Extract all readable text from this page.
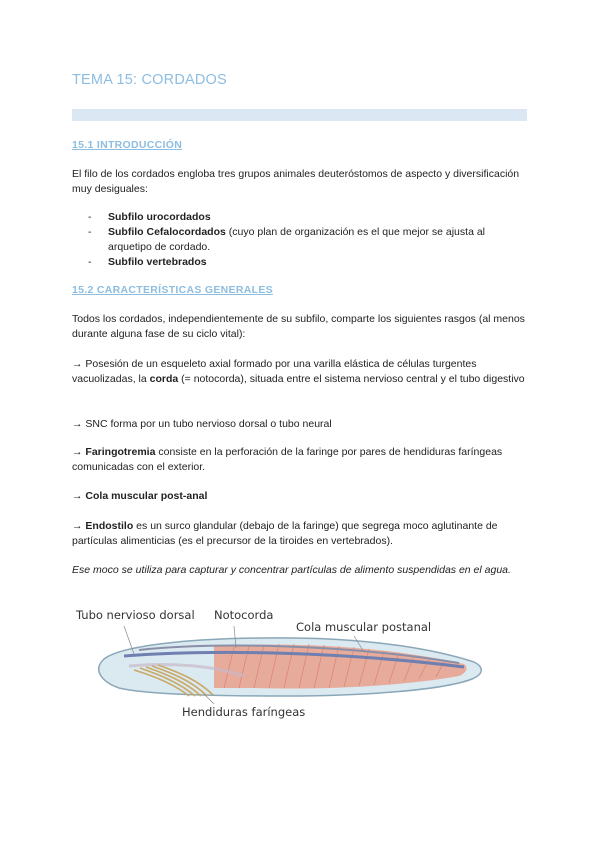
TEMA 15: CORDADOS
15.1 INTRODUCCIÓN
El filo de los cordados engloba tres grupos animales deuteróstomos de aspecto y diversificación muy desiguales:
- Subfilo urocordados
- Subfilo Cefalocordados (cuyo plan de organización es el que mejor se ajusta al arquetipo de cordado.
- Subfilo vertebrados
15.2 CARACTERÍSTICAS GENERALES
Todos los cordados, independientemente de su subfilo, comparte los siguientes rasgos (al menos durante alguna fase de su ciclo vital):
→ Posesión de un esqueleto axial formado por una varilla elástica de células turgentes vacuolizadas, la corda (= notocorda), situada entre el sistema nervioso central y el tubo digestivo
→ SNC forma por un tubo nervioso dorsal o tubo neural
→ Faringotremia consiste en la perforación de la faringe por pares de hendiduras faríngeas comunicadas con el exterior.
→ Cola muscular post-anal
→ Endostilo es un surco glandular (debajo de la faringe) que segrega moco aglutinante de partículas alimenticias (es el precursor de la tiroides en vertebrados).
Ese moco se utiliza para capturar y concentrar partículas de alimento suspendidas en el agua.
Tubo nervioso dorsal Notocorda
Cola muscular postanal
Hendiduras faríngeas
